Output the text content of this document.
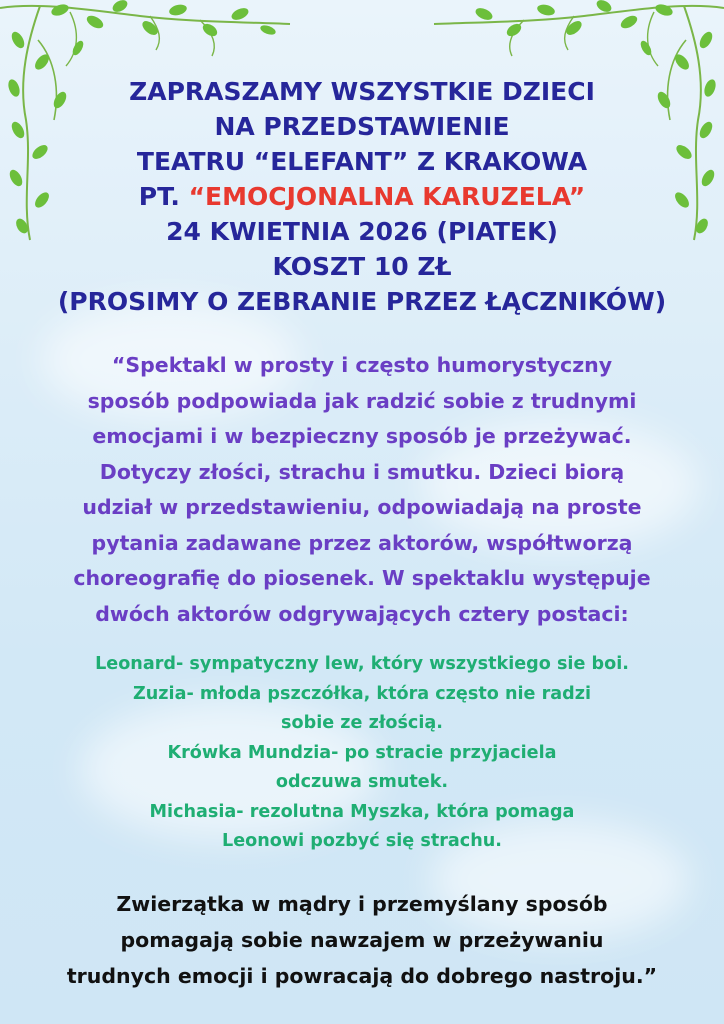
ZAPRASZAMY WSZYSTKIE DZIECI
NA PRZEDSTAWIENIE
TEATRU “ELEFANT” Z KRAKOWA
PT. “EMOCJONALNA KARUZELA”
24 KWIETNIA 2026 (PIATEK)
KOSZT 10 ZŁ
(PROSIMY O ZEBRANIE PRZEZ ŁĄCZNIKÓW)
“Spektakl w prosty i często humorystyczny
sposób podpowiada jak radzić sobie z trudnymi
emocjami i w bezpieczny sposób je przeżywać.
Dotyczy złości, strachu i smutku. Dzieci biorą
udział w przedstawieniu, odpowiadają na proste
pytania zadawane przez aktorów, współtworzą
choreografię do piosenek. W spektaklu występuje
dwóch aktorów odgrywających cztery postaci:
Leonard- sympatyczny lew, który wszystkiego sie boi.
Zuzia- młoda pszczółka, która często nie radzi
sobie ze złością.
Krówka Mundzia- po stracie przyjaciela
odczuwa smutek.
Michasia- rezolutna Myszka, która pomaga
Leonowi pozbyć się strachu.
Zwierzątka w mądry i przemyślany sposób
pomagają sobie nawzajem w przeżywaniu
trudnych emocji i powracają do dobrego nastroju.”
